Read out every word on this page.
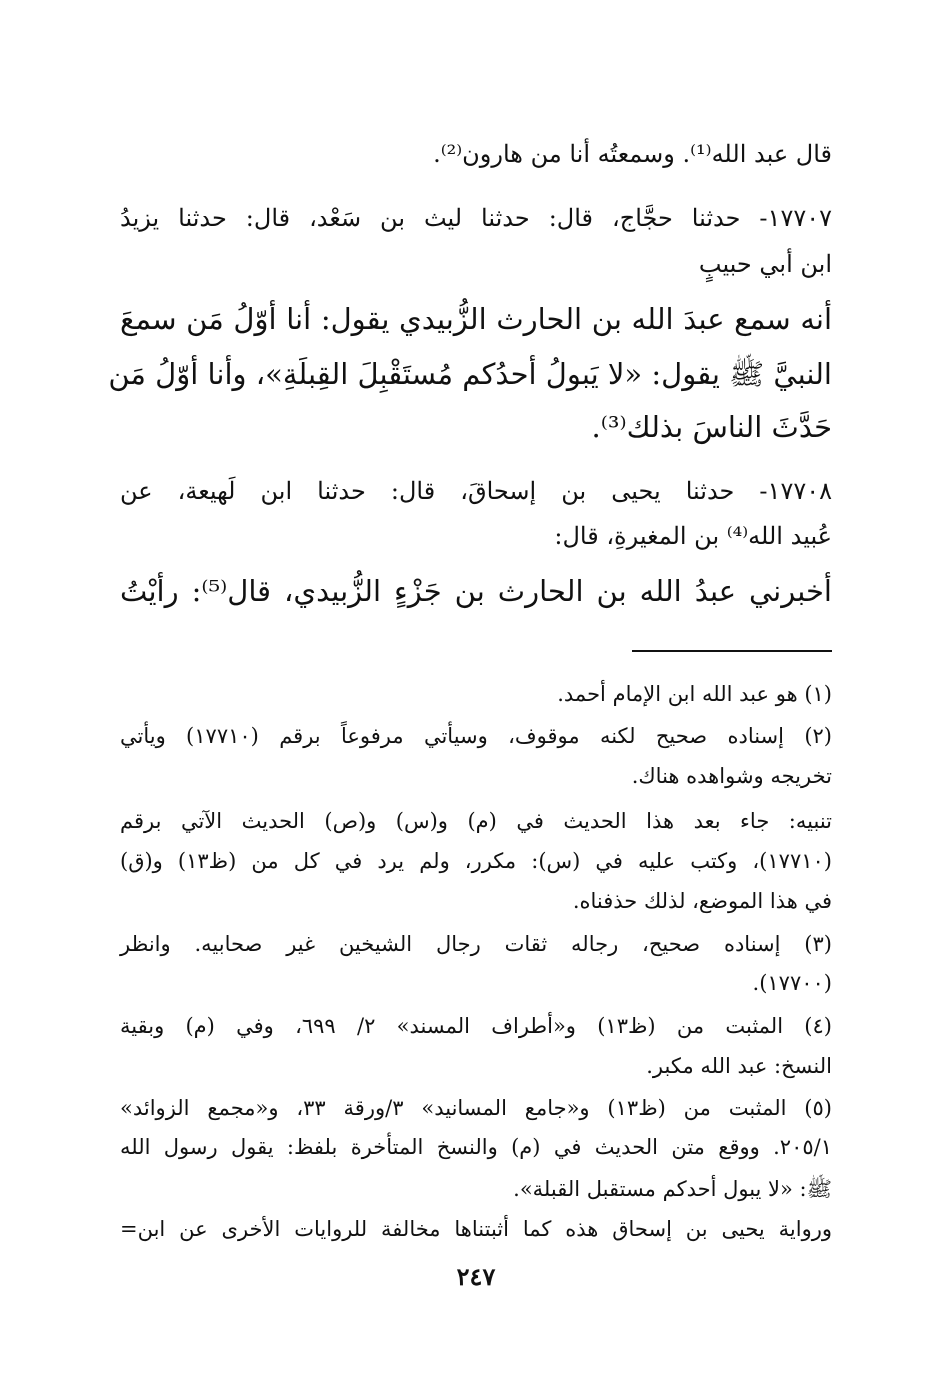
قال عبد الله⁽¹⁾. وسمعتُه أنا من هارون⁽²⁾.
١٧٧٠٧- حدثنا حجَّاج، قال: حدثنا ليث بن سَعْد، قال: حدثنا يزيدُ
ابن أبي حبيبٍ
أنه سمع عبدَ الله بن الحارث الزُّبيدي يقول: أنا أوّلُ مَن سمعَ
النبيَّ ﷺ يقول: «لا يَبولُ أحدُكم مُستَقْبِلَ القِبلَةِ»، وأنا أوّلُ مَن
حَدَّثَ الناسَ بذلك⁽³⁾.
١٧٧٠٨- حدثنا يحيى بن إسحاقَ، قال: حدثنا ابن لَهيعة، عن
عُبيد الله⁽⁴⁾ بن المغيرةِ، قال:
أخبرني عبدُ الله بن الحارث بن جَزْءٍ الزُّبيدي، قال⁽⁵⁾: رأيْتُ
(١) هو عبد الله ابن الإمام أحمد.
(٢) إسناده صحيح لكنه موقوف، وسيأتي مرفوعاً برقم (١٧٧١٠) ويأتي
تخريجه وشواهده هناك.
تنبيه: جاء بعد هذا الحديث في (م) و(س) و(ص) الحديث الآتي برقم
(١٧٧١٠)، وكتب عليه في (س): مكرر، ولم يرد في كل من (ظ١٣) و(ق)
في هذا الموضع، لذلك حذفناه.
(٣) إسناده صحيح، رجاله ثقات رجال الشيخين غير صحابيه. وانظر
(١٧٧٠٠).
(٤) المثبت من (ظ١٣) و«أطراف المسند» ٢/ ٦٩٩، وفي (م) وبقية
النسخ: عبد الله مكبر.
(٥) المثبت من (ظ١٣) و«جامع المسانيد» ٣/ورقة ٣٣، و«مجمع الزوائد»
٢٠٥/١. ووقع متن الحديث في (م) والنسخ المتأخرة بلفظ: يقول رسول الله
ﷺ: «لا يبول أحدكم مستقبل القبلة».
ورواية يحيى بن إسحاق هذه كما أثبتناها مخالفة للروايات الأخرى عن ابن=
٢٤٧
